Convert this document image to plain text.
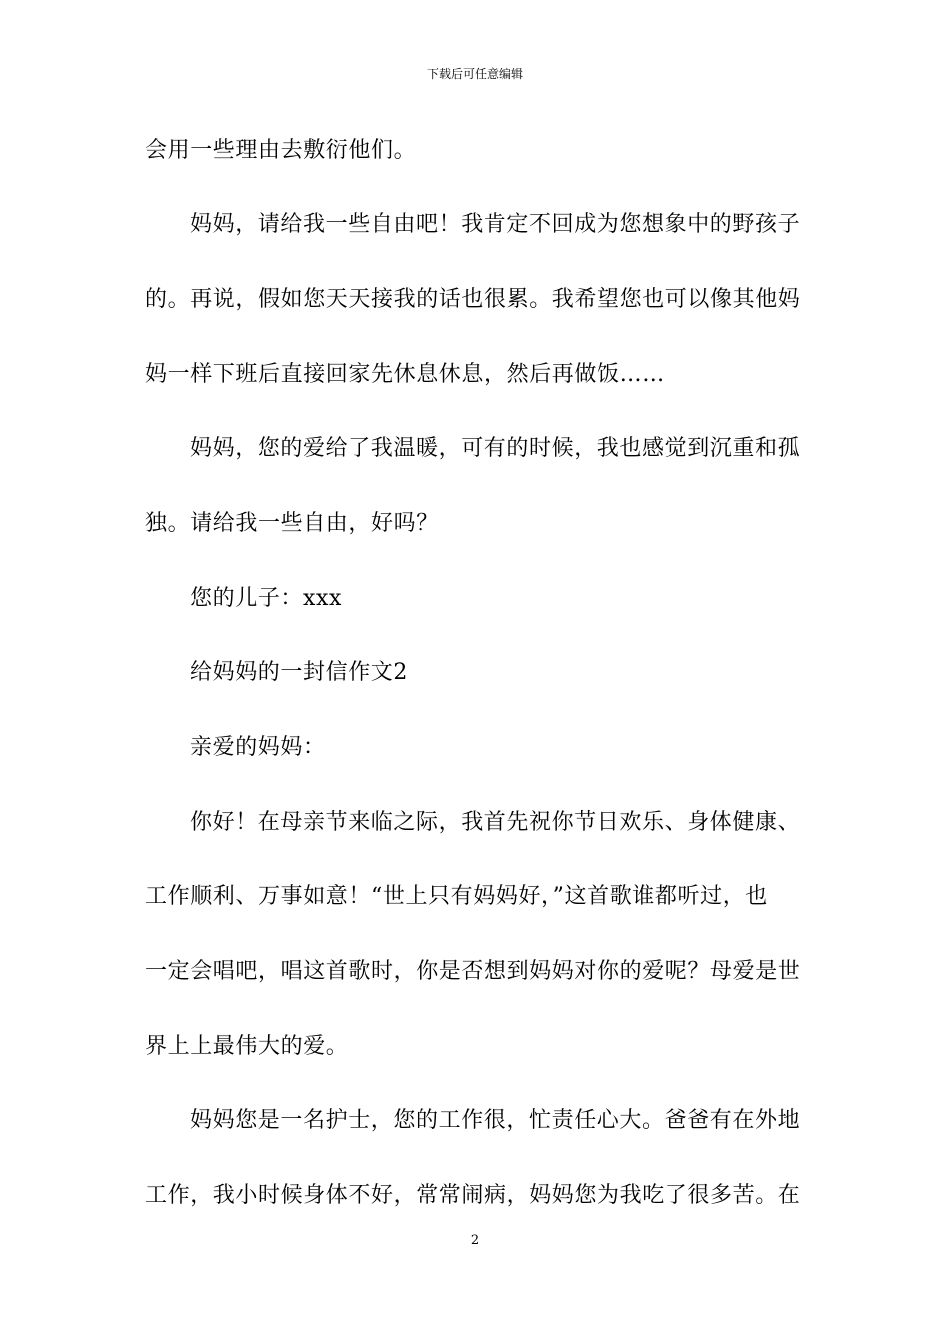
下载后可任意编辑
会用一些理由去敷衍他们。
妈妈，请给我一些自由吧！我肯定不回成为您想象中的野孩子
的。再说，假如您天天接我的话也很累。我希望您也可以像其他妈
妈一样下班后直接回家先休息休息，然后再做饭……
妈妈，您的爱给了我温暖，可有的时候，我也感觉到沉重和孤
独。请给我一些自由，好吗？
您的儿子：xxx
给妈妈的一封信作文2
亲爱的妈妈：
你好！在母亲节来临之际，我首先祝你节日欢乐、身体健康、
工作顺利、万事如意！“世上只有妈妈好，”这首歌谁都听过，也
一定会唱吧，唱这首歌时，你是否想到妈妈对你的爱呢？母爱是世
界上上最伟大的爱。
妈妈您是一名护士，您的工作很，忙责任心大。爸爸有在外地
工作，我小时候身体不好，常常闹病，妈妈您为我吃了很多苦。在
2
